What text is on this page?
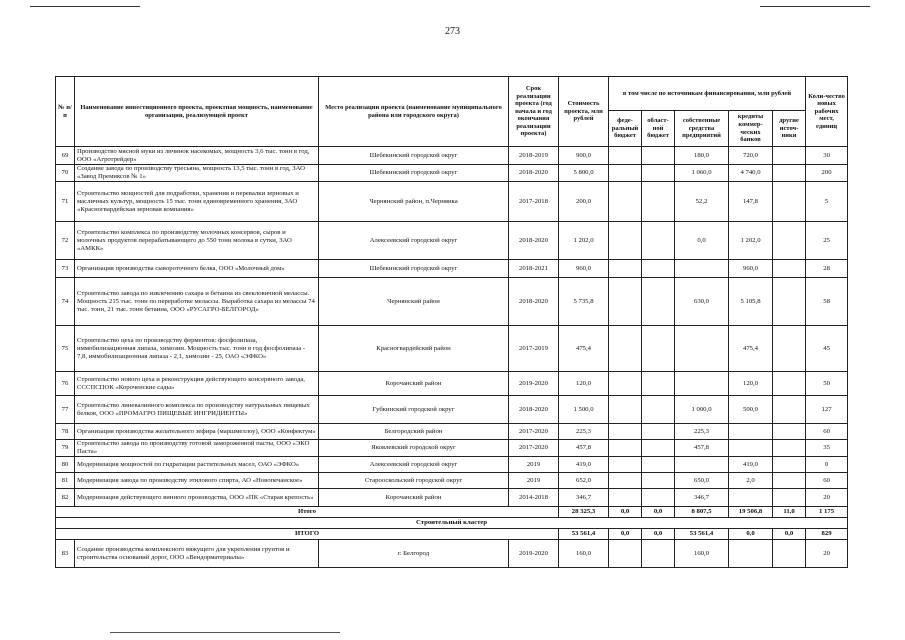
273
№ п/п	Наименование инвестиционного проекта, проектная мощность, наименование организации, реализующей проект	Место реализации проекта (наименование муниципального района или городского округа)	Срок реализации проекта (год начала и год окончания реализации проекта)	Стоимость проекта, млн рублей	в том числе по источникам финансирования, млн рублей					Коли-чество новых рабочих мест, единиц
					феде-ральный бюджет	област-ной бюджет	собственные средства предприятий	кредиты коммер-ческих банков	другие источ-ники	
69	Производство мясной муки из личинок насекомых, мощность 3,6 тыс. тонн в год, ООО «Агротрейдер»	Шебекинский городской округ	2018-2019	900,0			180,0	720,0		30
70	Создание завода по производству тресьяна, мощность 13,5 тыс. тонн в год, ЗАО «Завод Премиксов № 1»	Шебекинский городской округ	2018-2020	5 800,0			1 060,0	4 740,0		200
71	Строительство мощностей для подработки, хранения и перевалки зерновых и масличных культур, мощность 15 тыс. тонн единовременного хранения, ЗАО «Красногвардейская зерновая компания»	Чернянский район, п.Чернянка	2017-2018	200,0			52,2	147,8		5
72	Строительство комплекса по производству молочных консервов, сыров и молочных продуктов перерабатывающего до 550 тонн молока в сутки, ЗАО «АМКК»	Алексеевский городской округ	2018-2020	1 202,0			0,0	1 202,0		25
73	Организация производства сывороточного белка, ООО «Молочный дом»	Шебекинский городской округ	2018-2021	960,0				960,0		28
74	Строительство завода по извлечению сахара и бетаина из свекловичной мелассы. Мощность 215 тыс. тонн по переработке мелассы. Выработка сахара из мелассы 74 тыс. тонн, 21 тыс. тонн бетаина, ООО «РУСАГРО-БЕЛГОРОД»	Чернянский район	2018-2020	5 735,8			630,0	5 105,8		58
75	Строительство цеха по производству ферментов: фосфолипаза, иммобилизационная липаза, химозин. Мощность тыс. тонн в год фосфолипаза - 7,8, иммобилизационная липаза - 2,1, химозин - 25, ОАО «ЭФКО»	Красногвардейский район	2017-2019	475,4				475,4		45
76	Строительство нового цеха и реконструкция действующего консервного завода, СССПСПОК «Короченские сады»	Корочанский район	2019-2020	120,0				120,0		50
77	Строительство линевалинного комплекса по производству натуральных пищевых белков, ООО «ПРОМАГРО ПИЩЕВЫЕ ИНГРИДИЕНТЫ»	Губкинский городской округ	2018-2020	1 500,0			1 000,0	500,0		127
78	Организация производства желательного зефира (маршмеллоу), ООО «Конфектум»	Белгородский район	2017-2020	225,3			225,3			60
79	Строительство завода по производству готовой замороженной пасты, ООО «ЭКО Паста»	Яковлевский городской округ	2017-2020	457,8			457,8			35
80	Модернизация мощностей по гидратации растительных масел, ОАО «ЭФКО»	Алексеевский городской округ	2019	419,0				419,0		0
81	Модернизация завода по производству этилового спирта, АО «Новопечанское»	Старооскольский городской округ	2019	652,0			650,0	2,0		60
82	Модернизация действующего винного производства, ООО «ПК «Старая крепость»	Корочанский район	2014-2018	346,7			346,7			20
Итого				28 325,3	0,0	0,0	8 807,5	19 506,8	11,0	1 175
Строительный кластер										
ИТОГО				53 561,4	0,0	0,0	53 561,4	0,0	0,0	829
83	Создание производства комплексного вяжущего для укрепления грунтов и строительства оснований дорог, ООО «Вендорматериалы»	г. Белгород	2019-2020	160,0			160,0			20
